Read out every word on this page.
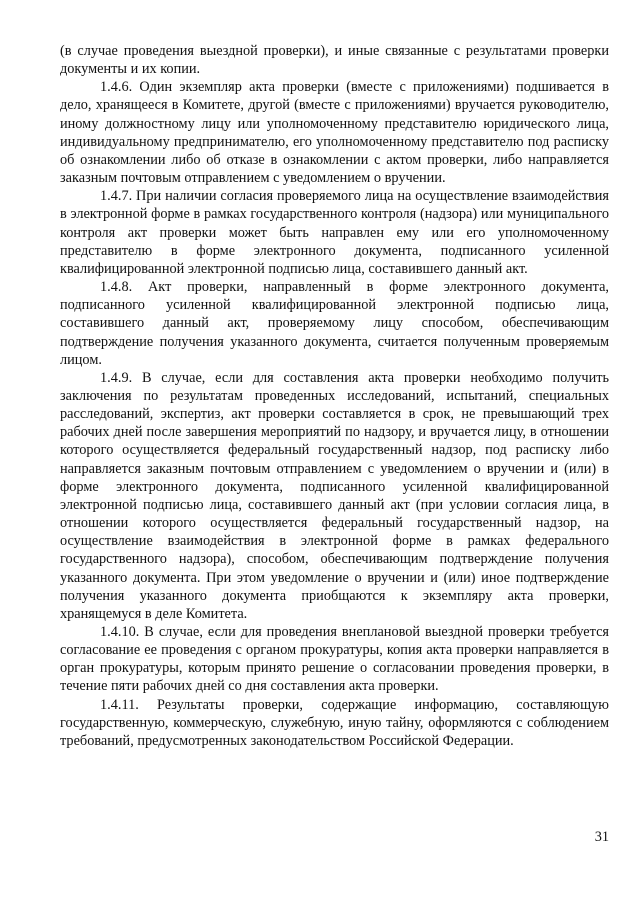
(в случае проведения выездной проверки), и иные связанные с результатами проверки документы и их копии.

1.4.6. Один экземпляр акта проверки (вместе с приложениями) подшивается в дело, хранящееся в Комитете, другой (вместе с приложениями) вручается руководителю, иному должностному лицу или уполномоченному представителю юридического лица, индивидуальному предпринимателю, его уполномоченному представителю под расписку об ознакомлении либо об отказе в ознакомлении с актом проверки, либо направляется заказным почтовым отправлением с уведомлением о вручении.

1.4.7. При наличии согласия проверяемого лица на осуществление взаимодействия в электронной форме в рамках государственного контроля (надзора) или муниципального контроля акт проверки может быть направлен ему или его уполномоченному представителю в форме электронного документа, подписанного усиленной квалифицированной электронной подписью лица, составившего данный акт.

1.4.8. Акт проверки, направленный в форме электронного документа, подписанного усиленной квалифицированной электронной подписью лица, составившего данный акт, проверяемому лицу способом, обеспечивающим подтверждение получения указанного документа, считается полученным проверяемым лицом.

1.4.9. В случае, если для составления акта проверки необходимо получить заключения по результатам проведенных исследований, испытаний, специальных расследований, экспертиз, акт проверки составляется в срок, не превышающий трех рабочих дней после завершения мероприятий по надзору, и вручается лицу, в отношении которого осуществляется федеральный государственный надзор, под расписку либо направляется заказным почтовым отправлением с уведомлением о вручении и (или) в форме электронного документа, подписанного усиленной квалифицированной электронной подписью лица, составившего данный акт (при условии согласия лица, в отношении которого осуществляется федеральный государственный надзор, на осуществление взаимодействия в электронной форме в рамках федерального государственного надзора), способом, обеспечивающим подтверждение получения указанного документа. При этом уведомление о вручении и (или) иное подтверждение получения указанного документа приобщаются к экземпляру акта проверки, хранящемуся в деле Комитета.

1.4.10. В случае, если для проведения внеплановой выездной проверки требуется согласование ее проведения с органом прокуратуры, копия акта проверки направляется в орган прокуратуры, которым принято решение о согласовании проведения проверки, в течение пяти рабочих дней со дня составления акта проверки.

1.4.11. Результаты проверки, содержащие информацию, составляющую государственную, коммерческую, служебную, иную тайну, оформляются с соблюдением требований, предусмотренных законодательством Российской Федерации.

31
